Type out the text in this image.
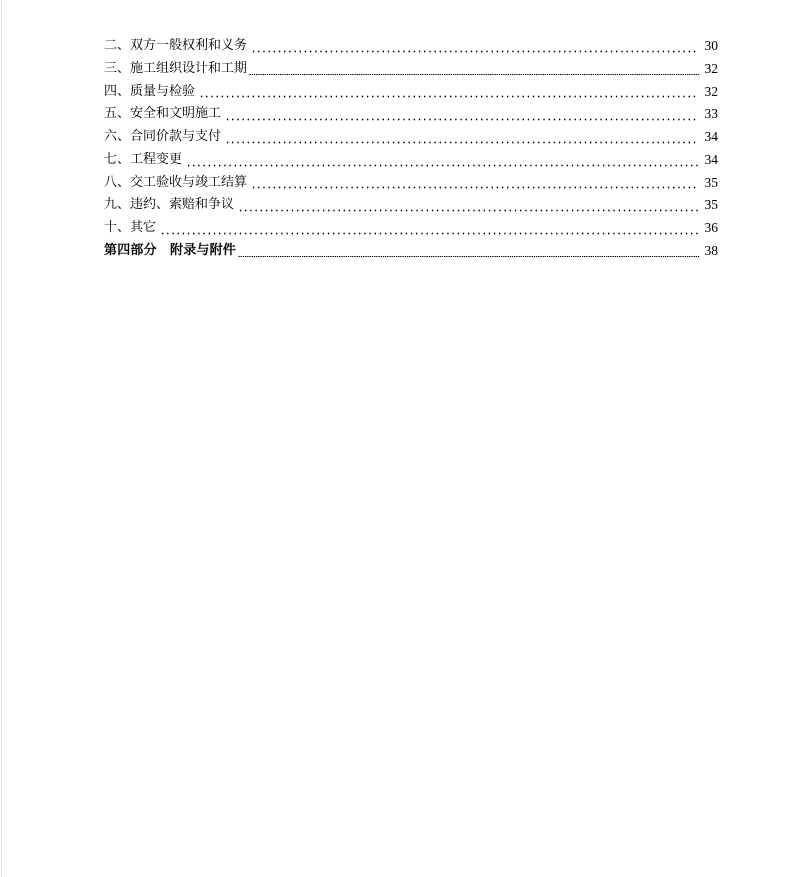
二、双方一般权利和义务	30
三、施工组织设计和工期	32
四、质量与检验	32
五、安全和文明施工	33
六、合同价款与支付	34
七、工程变更	34
八、交工验收与竣工结算	35
九、违约、索赔和争议	35
十、其它	36
第四部分　附录与附件	38
